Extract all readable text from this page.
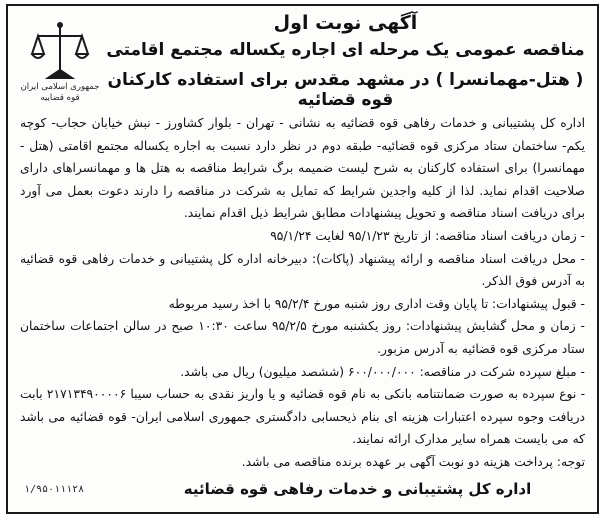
جمهوری اسلامی ایران
قوه قضاییه
آگهی نوبت اول
مناقصه عمومی یک مرحله ای اجاره یکساله مجتمع اقامتی
( هتل-مهمانسرا ) در مشهد مقدس برای استفاده کارکنان قوه قضائیه

اداره کل پشتیبانی و خدمات رفاهی قوه قضائیه به نشانی - تهران - بلوار کشاورز - نبش خیابان حجاب- کوچه یکم- ساختمان ستاد مرکزی قوه قضائیه- طبقه دوم در نظر دارد نسبت به اجاره یکساله مجتمع اقامتی (هتل - مهمانسرا) برای استفاده کارکنان به شرح لیست ضمیمه برگ شرایط مناقصه به هتل ها و مهمانسراهای دارای صلاحیت اقدام نماید. لذا از کلیه واجدین شرایط که تمایل به شرکت در مناقصه را دارند دعوت بعمل می آورد برای دریافت اسناد مناقصه و تحویل پیشنهادات مطابق شرایط ذیل اقدام نمایند.

- زمان دریافت اسناد مناقصه: از تاریخ ۹۵/۱/۲۳ لغایت ۹۵/۱/۲۴

- محل دریافت اسناد مناقصه و ارائه پیشنهاد (پاکات): دبیرخانه اداره کل پشتیبانی و خدمات رفاهی قوه قضائیه به آدرس فوق الذکر.

- قبول پیشنهادات: تا پایان وقت اداری روز شنبه مورخ ۹۵/۲/۴ با اخذ رسید مربوطه

- زمان و محل گشایش پیشنهادات: روز یکشنبه مورخ ۹۵/۲/۵ ساعت ۱۰:۳۰ صبح در سالن اجتماعات ساختمان ستاد مرکزی قوه قضائیه به آدرس مزبور.

- مبلغ سپرده شرکت در مناقصه: ۶۰۰/۰۰۰/۰۰۰ (ششصد میلیون) ریال می باشد.

- نوع سپرده به صورت ضمانتنامه بانکی به نام قوه قضائیه و یا واریز نقدی به حساب سیبا ۲۱۷۱۳۴۹۰۰۰۰۶ بابت دریافت وجوه سپرده اعتبارات هزینه ای بنام ذیحسابی دادگستری جمهوری اسلامی ایران- قوه قضائیه می باشد که می بایست همراه سایر مدارک ارائه نمایند.

توجه: پرداخت هزینه دو نوبت آگهی بر عهده برنده مناقصه می باشد.

۱/۹۵۰۱۱۱۲۸	اداره کل پشتیبانی و خدمات رفاهی قوه قضائیه
